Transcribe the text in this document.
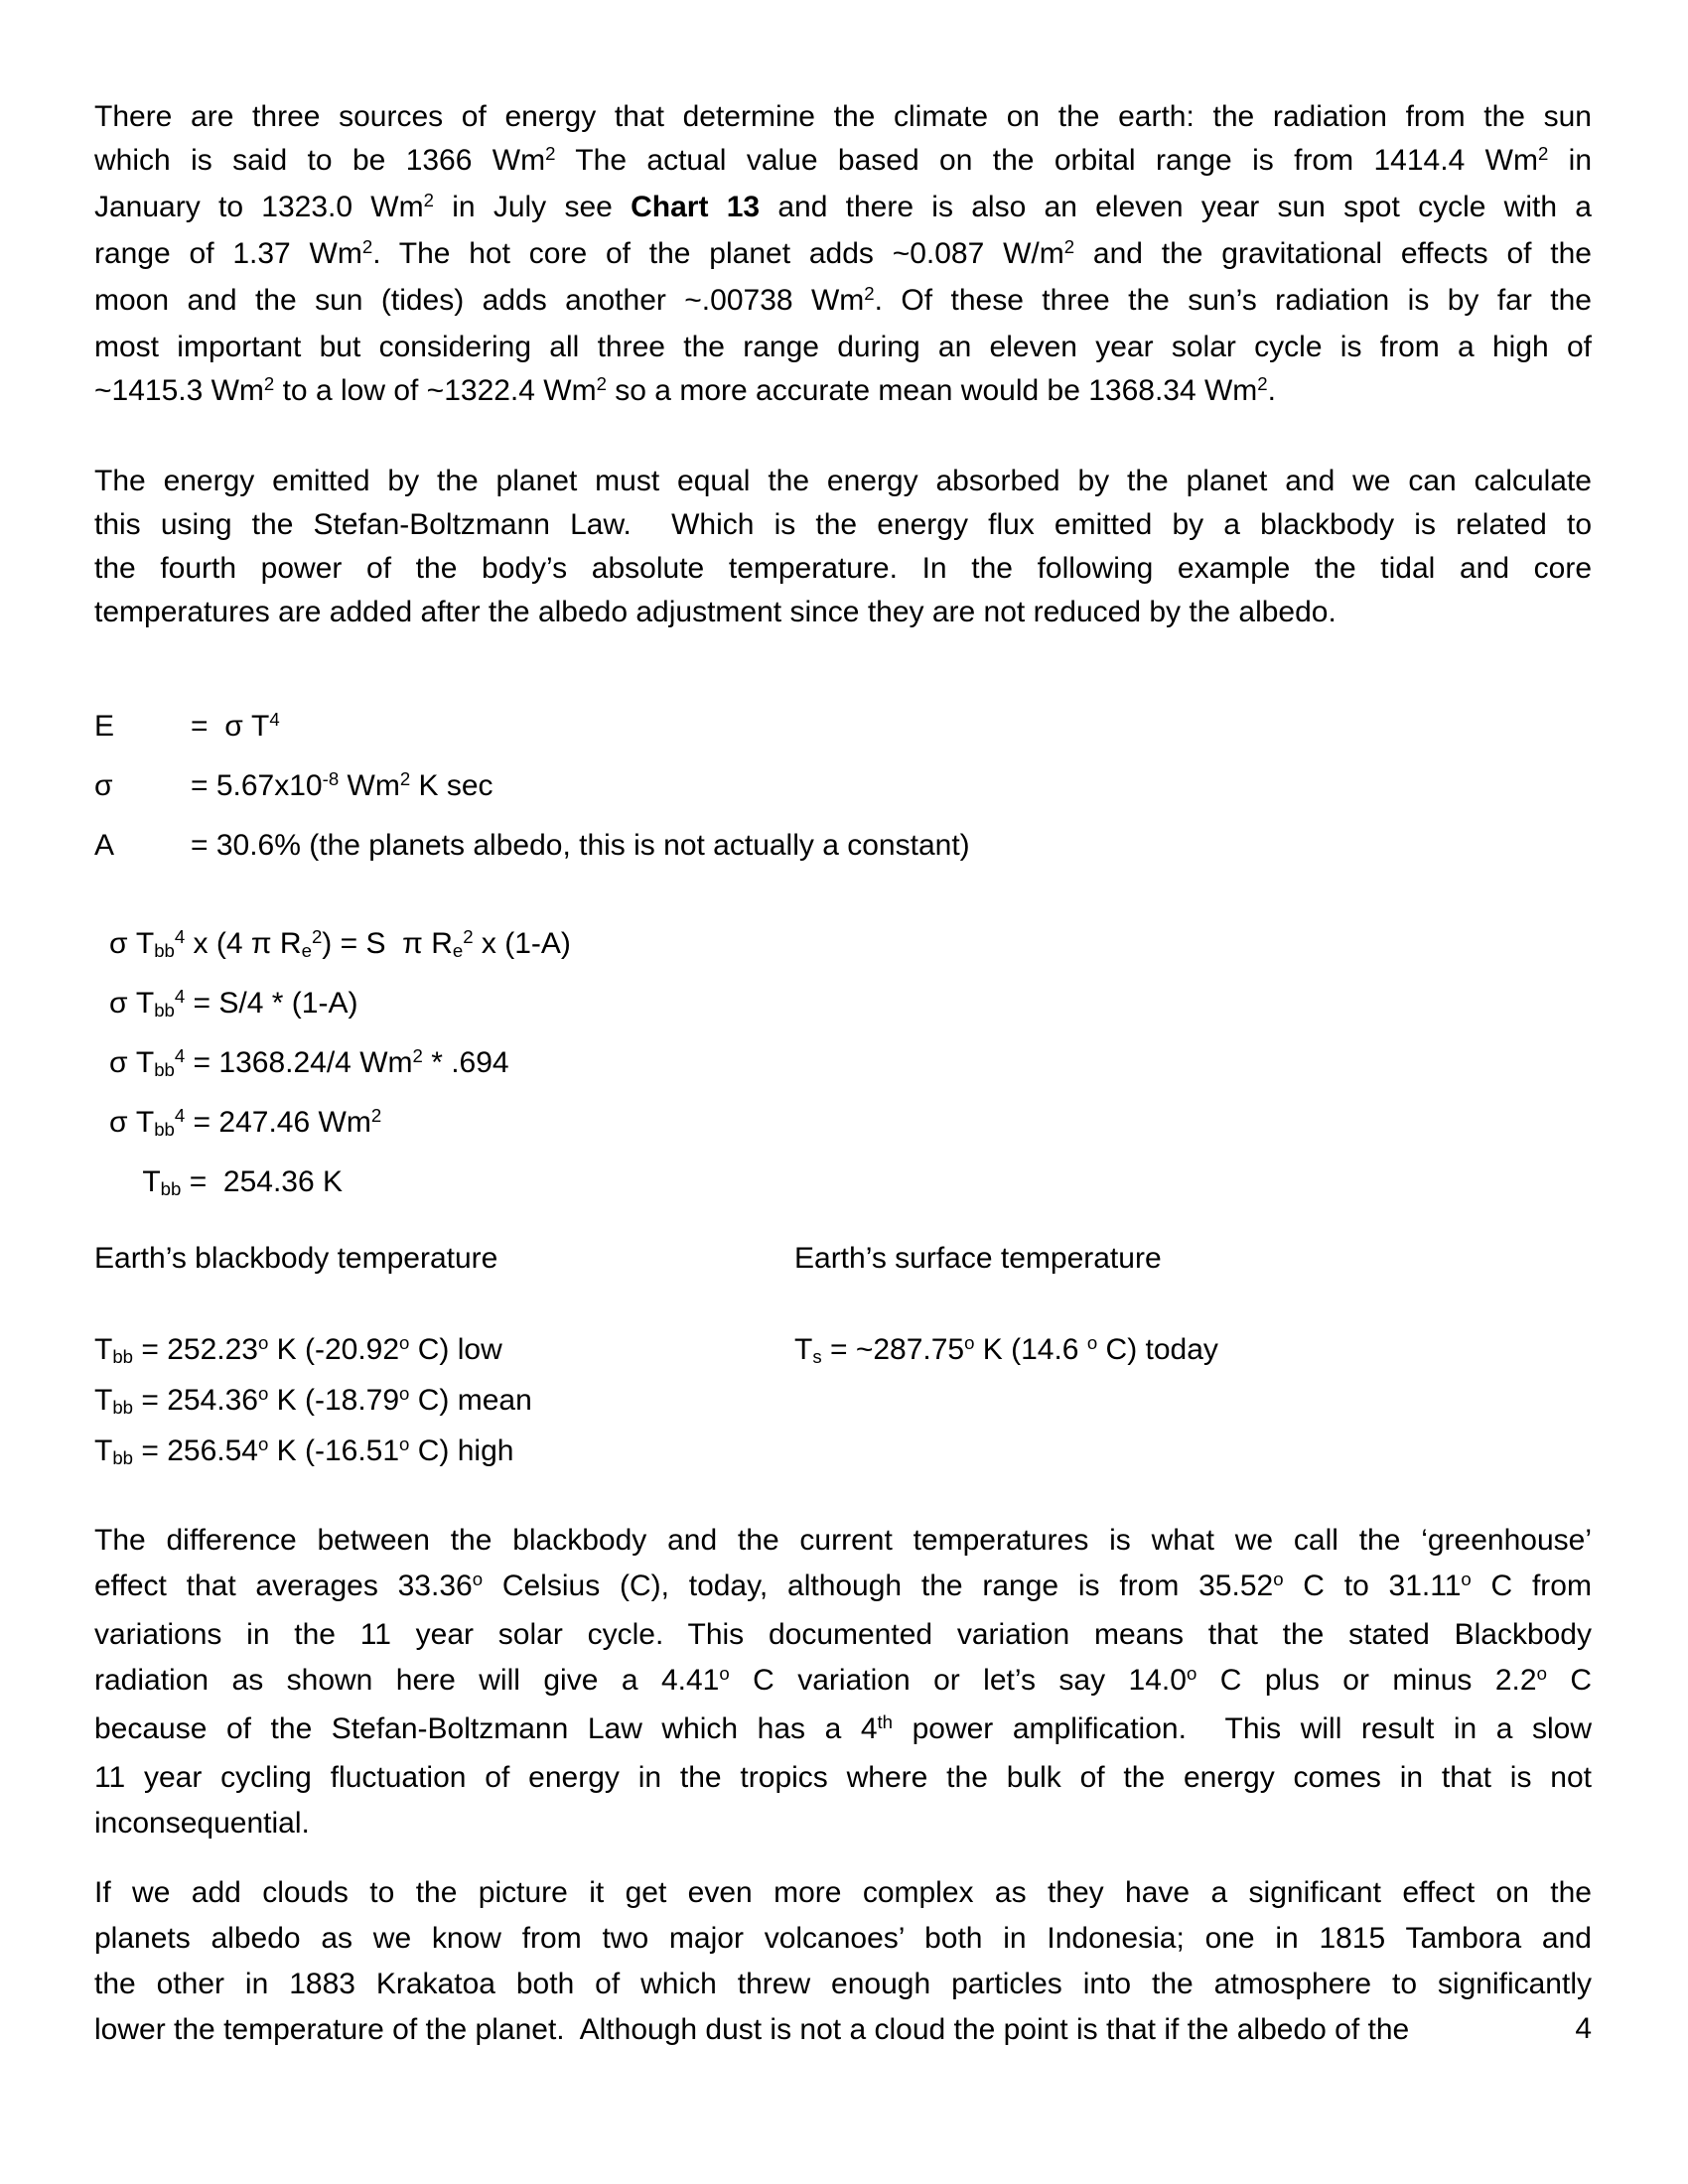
There are three sources of energy that determine the climate on the earth: the radiation from the sun
which is said to be 1366 Wm$^2$ The actual value based on the orbital range is from 1414.4 Wm$^2$ in
January to 1323.0 Wm$^2$ in July see Chart 13 and there is also an eleven year sun spot cycle with a
range of 1.37 Wm$^2$. The hot core of the planet adds ~0.087 $W/m^2$ and the gravitational effects of the
moon and the sun (tides) adds another ~.00738 Wm$^2$. Of these three the sun’s radiation is by far the
most important but considering all three the range during an eleven year solar cycle is from a high of
~1415.3 Wm$^2$ to a low of ~1322.4 Wm$^2$ so a more accurate mean would be 1368.34 Wm$^2$.
The energy emitted by the planet must equal the energy absorbed by the planet and we can calculate
this using the Stefan-Boltzmann Law.  Which is the energy flux emitted by a blackbody is related to
the fourth power of the body’s absolute temperature. In the following example the tidal and core
temperatures are added after the albedo adjustment since they are not reduced by the albedo.
E	=  σ $T^4$
σ	= $5.67x10^{-8}$ Wm$^2$ K sec
A	= 30.6% (the planets albedo, this is not actually a constant)
σ Tbb$^4$ x (4 π $Re^2) = S$  π Re$^2$ x (1-A)
σ Tbb$^4$ = S/4 * (1-A)
σ Tbb$^4$ = 1368.24/4 Wm$^2$ * .694
σ Tbb$^4$ = 247.46 Wm$^2$
Tbb =  254.36 K
Earth’s blackbody temperature
Tbb = $252.23^o$ K (-20.92$^o$ C) low
Tbb = $254.36^o$ K (-18.79$^o$ C) mean
Tbb = $256.54^o$ K (-16.51$^o$ C) high
Earth’s surface temperature
$Ts = \sim 287.75^o$ K (14.6 $^o$ C) today
The difference between the blackbody and the current temperatures is what we call the ‘greenhouse’
effect that averages 33.36$^o$ Celsius (C), today, although the range is from 35.52$^o$ C to 31.11$^o$ C from
variations in the 11 year solar cycle. This documented variation means that the stated Blackbody
radiation as shown here will give a 4.41$^o$ C variation or let’s say 14.0$^o$ C plus or minus 2.2$^o$ C
because of the Stefan-Boltzmann Law which has a 4th power amplification.  This will result in a slow
11 year cycling fluctuation of energy in the tropics where the bulk of the energy comes in that is not
inconsequential.
If we add clouds to the picture it get even more complex as they have a significant effect on the
planets albedo as we know from two major volcanoes’ both in Indonesia; one in 1815 Tambora and
the other in 1883 Krakatoa both of which threw enough particles into the atmosphere to significantly
lower the temperature of the planet.  Although dust is not a cloud the point is that if the albedo of the	4
